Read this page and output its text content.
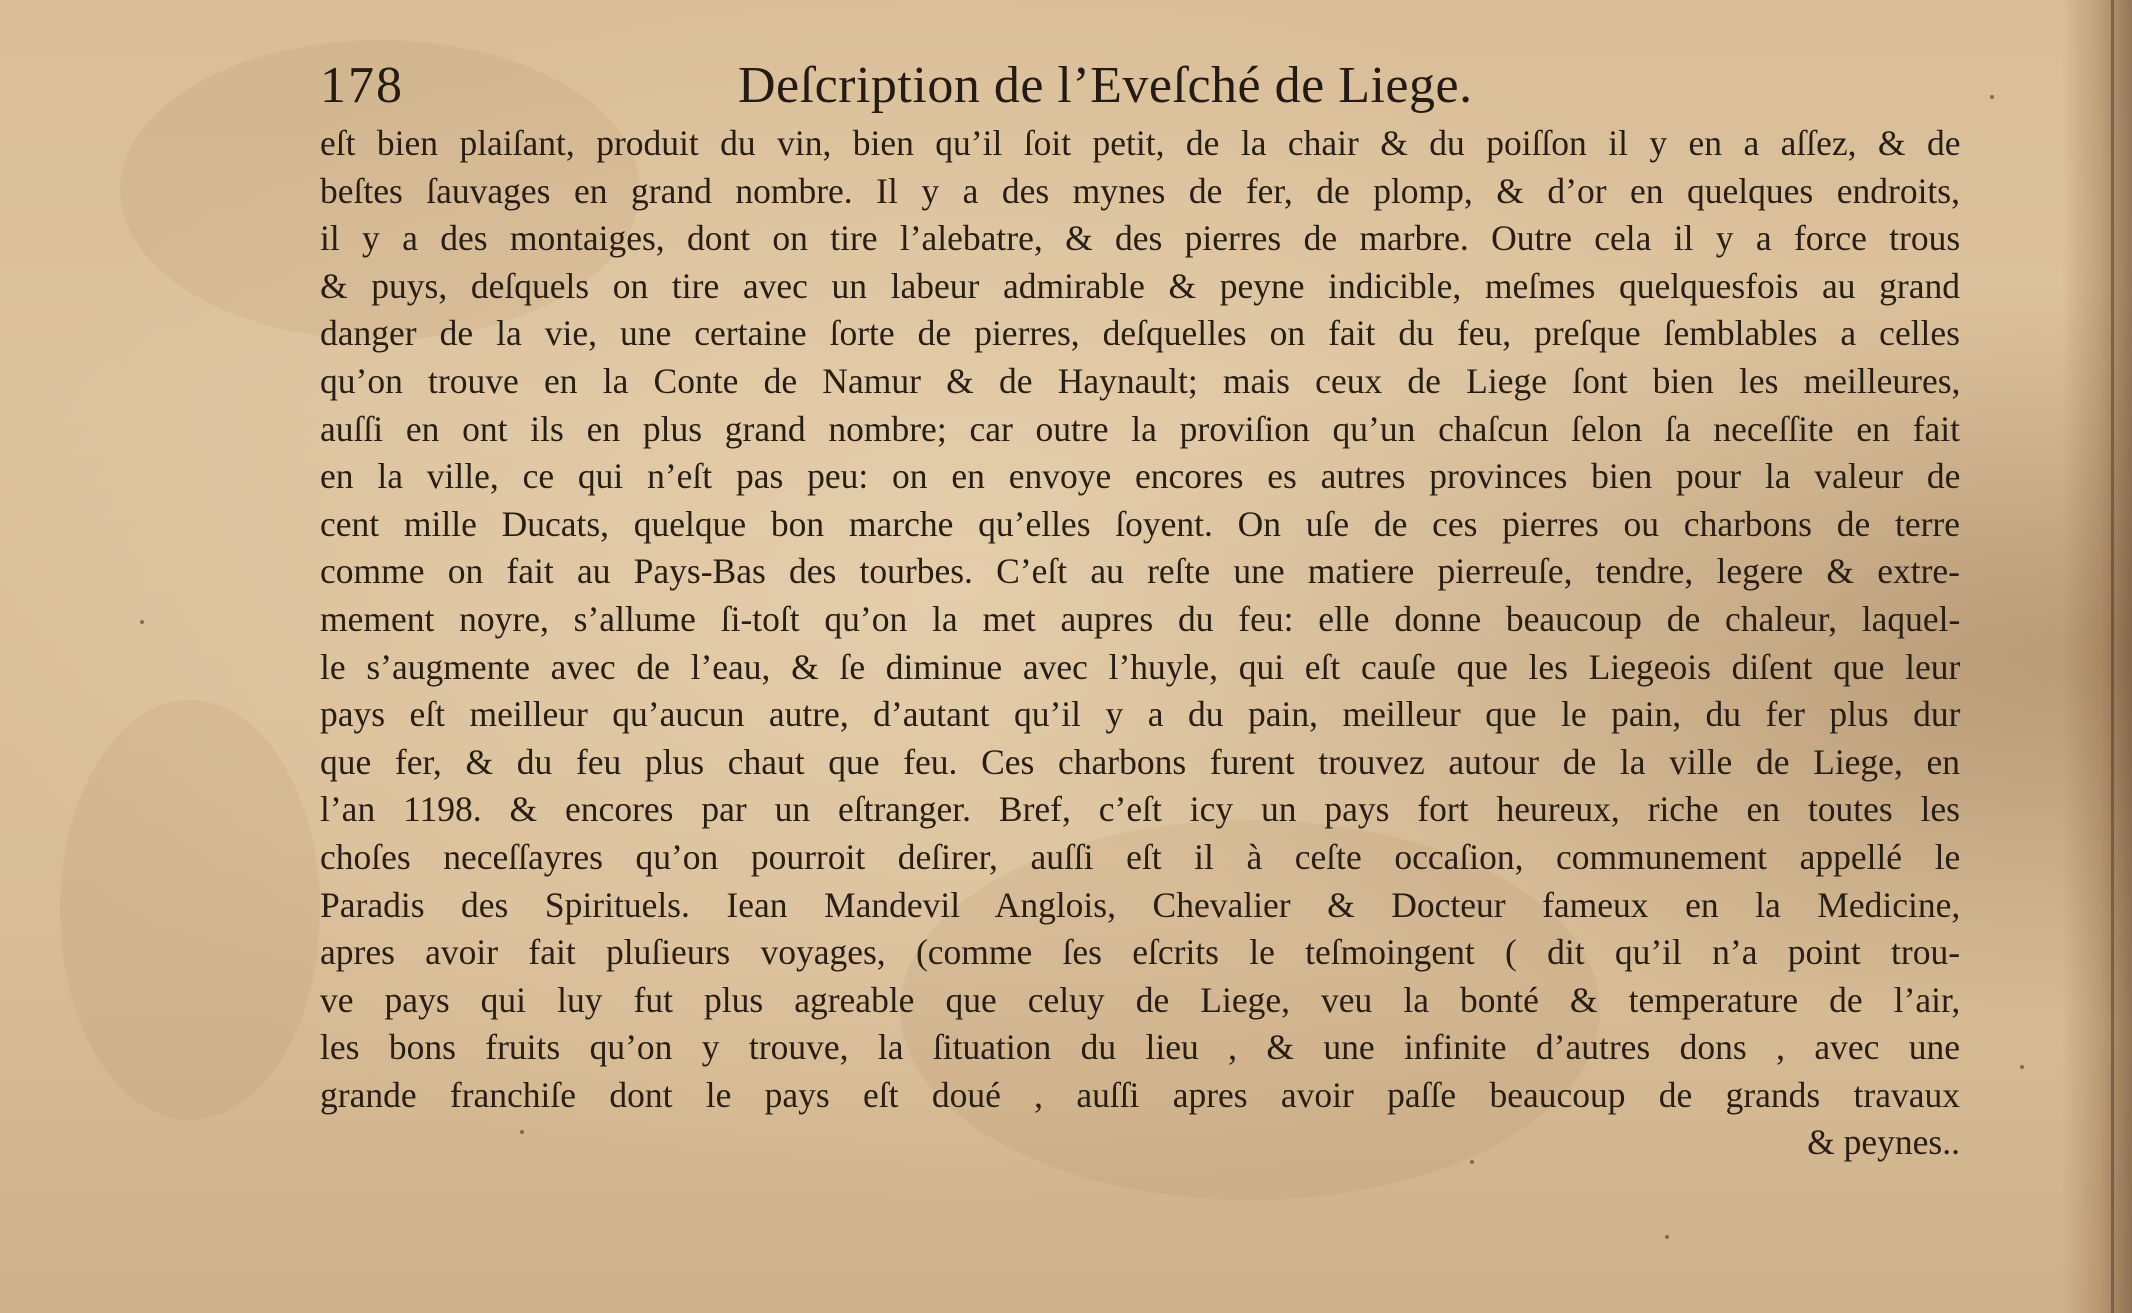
178	Deſcription de l’Eveſché de Liege.
eſt bien plaiſant, produit du vin, bien qu’il ſoit petit, de la chair & du poiſſon il y en a aſſez, & de
beſtes ſauvages en grand nombre. Il y a des mynes de fer, de plomp, & d’or en quelques endroits,
il y a des montaiges, dont on tire l’alebatre, & des pierres de marbre. Outre cela il y a force trous
& puys, deſquels on tire avec un labeur admirable & peyne indicible, meſmes quelquesfois au grand
danger de la vie, une certaine ſorte de pierres, deſquelles on fait du feu, preſque ſemblables a celles
qu’on trouve en la Conte de Namur & de Haynault; mais ceux de Liege ſont bien les meilleures,
auſſi en ont ils en plus grand nombre; car outre la proviſion qu’un chaſcun ſelon ſa neceſſite en fait
en la ville, ce qui n’eſt pas peu: on en envoye encores es autres provinces bien pour la valeur de
cent mille Ducats, quelque bon marche qu’elles ſoyent. On uſe de ces pierres ou charbons de terre
comme on fait au Pays-Bas des tourbes. C’eſt au reſte une matiere pierreuſe, tendre, legere & extre-
mement noyre, s’allume ſi-toſt qu’on la met aupres du feu: elle donne beaucoup de chaleur, laquel-
le s’augmente avec de l’eau, & ſe diminue avec l’huyle, qui eſt cauſe que les Liegeois diſent que leur
pays eſt meilleur qu’aucun autre, d’autant qu’il y a du pain, meilleur que le pain, du fer plus dur
que fer, & du feu plus chaut que feu. Ces charbons furent trouvez autour de la ville de Liege, en
l’an 1198. & encores par un eſtranger. Bref, c’eſt icy un pays fort heureux, riche en toutes les
choſes neceſſayres qu’on pourroit deſirer, auſſi eſt il à ceſte occaſion, communement appellé le
Paradis des Spirituels. Iean Mandevil Anglois, Chevalier & Docteur fameux en la Medicine,
apres avoir fait pluſieurs voyages, (comme ſes eſcrits le teſmoingent ( dit qu’il n’a point trou-
ve pays qui luy fut plus agreable que celuy de Liege, veu la bonté & temperature de l’air,
les bons fruits qu’on y trouve, la ſituation du lieu , & une infinite d’autres dons , avec une
grande franchiſe dont le pays eſt doué , auſſi apres avoir paſſe beaucoup de grands travaux
& peynes..
